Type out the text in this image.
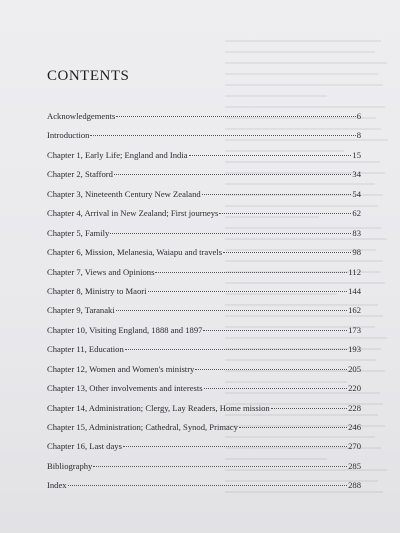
CONTENTS
Acknowledgements	6
Introduction	8
Chapter 1, Early Life; England and India	15
Chapter 2, Stafford	34
Chapter 3, Nineteenth Century New Zealand	54
Chapter 4, Arrival in New Zealand; First journeys	62
Chapter 5, Family	83
Chapter 6, Mission, Melanesia, Waiapu and travels	98
Chapter 7, Views and Opinions	112
Chapter 8, Ministry to Maori	144
Chapter 9, Taranaki	162
Chapter 10, Visiting England, 1888 and 1897	173
Chapter 11, Education	193
Chapter 12, Women and Women's ministry	205
Chapter 13, Other involvements and interests	220
Chapter 14, Administration; Clergy, Lay Readers, Home mission	228
Chapter 15, Administration; Cathedral, Synod, Primacy	246
Chapter 16, Last days	270
Bibliography	285
Index	288
